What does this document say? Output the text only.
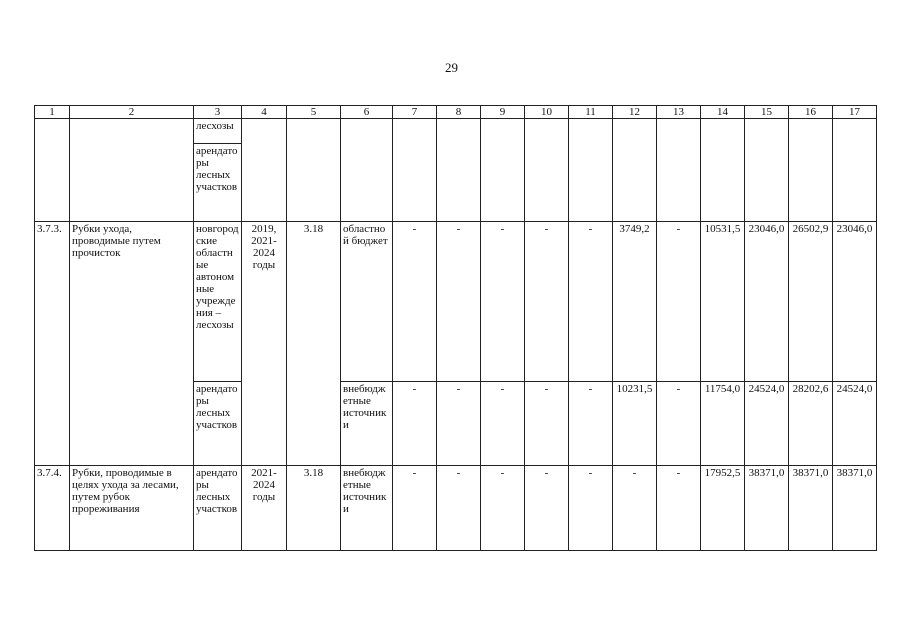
29
1	2	3	4	5	6	7	8	9	10	11	12	13	14	15	16	17
		лесхозы														
		арендаторы лесных участков														
3.7.3.	Рубки ухода, проводимые путем прочисток	новгородские областные автономные учреждения – лесхозы	2019, 2021-2024 годы	3.18	областной бюджет	-	-	-	-	-	3749,2	-	10531,5	23046,0	26502,9	23046,0
		арендаторы лесных участков			внебюджетные источники	-	-	-	-	-	10231,5	-	11754,0	24524,0	28202,6	24524,0
3.7.4.	Рубки, проводимые в целях ухода за лесами, путем рубок прореживания	арендаторы лесных участков	2021-2024 годы	3.18	внебюджетные источники	-	-	-	-	-	-	-	17952,5	38371,0	38371,0	38371,0
